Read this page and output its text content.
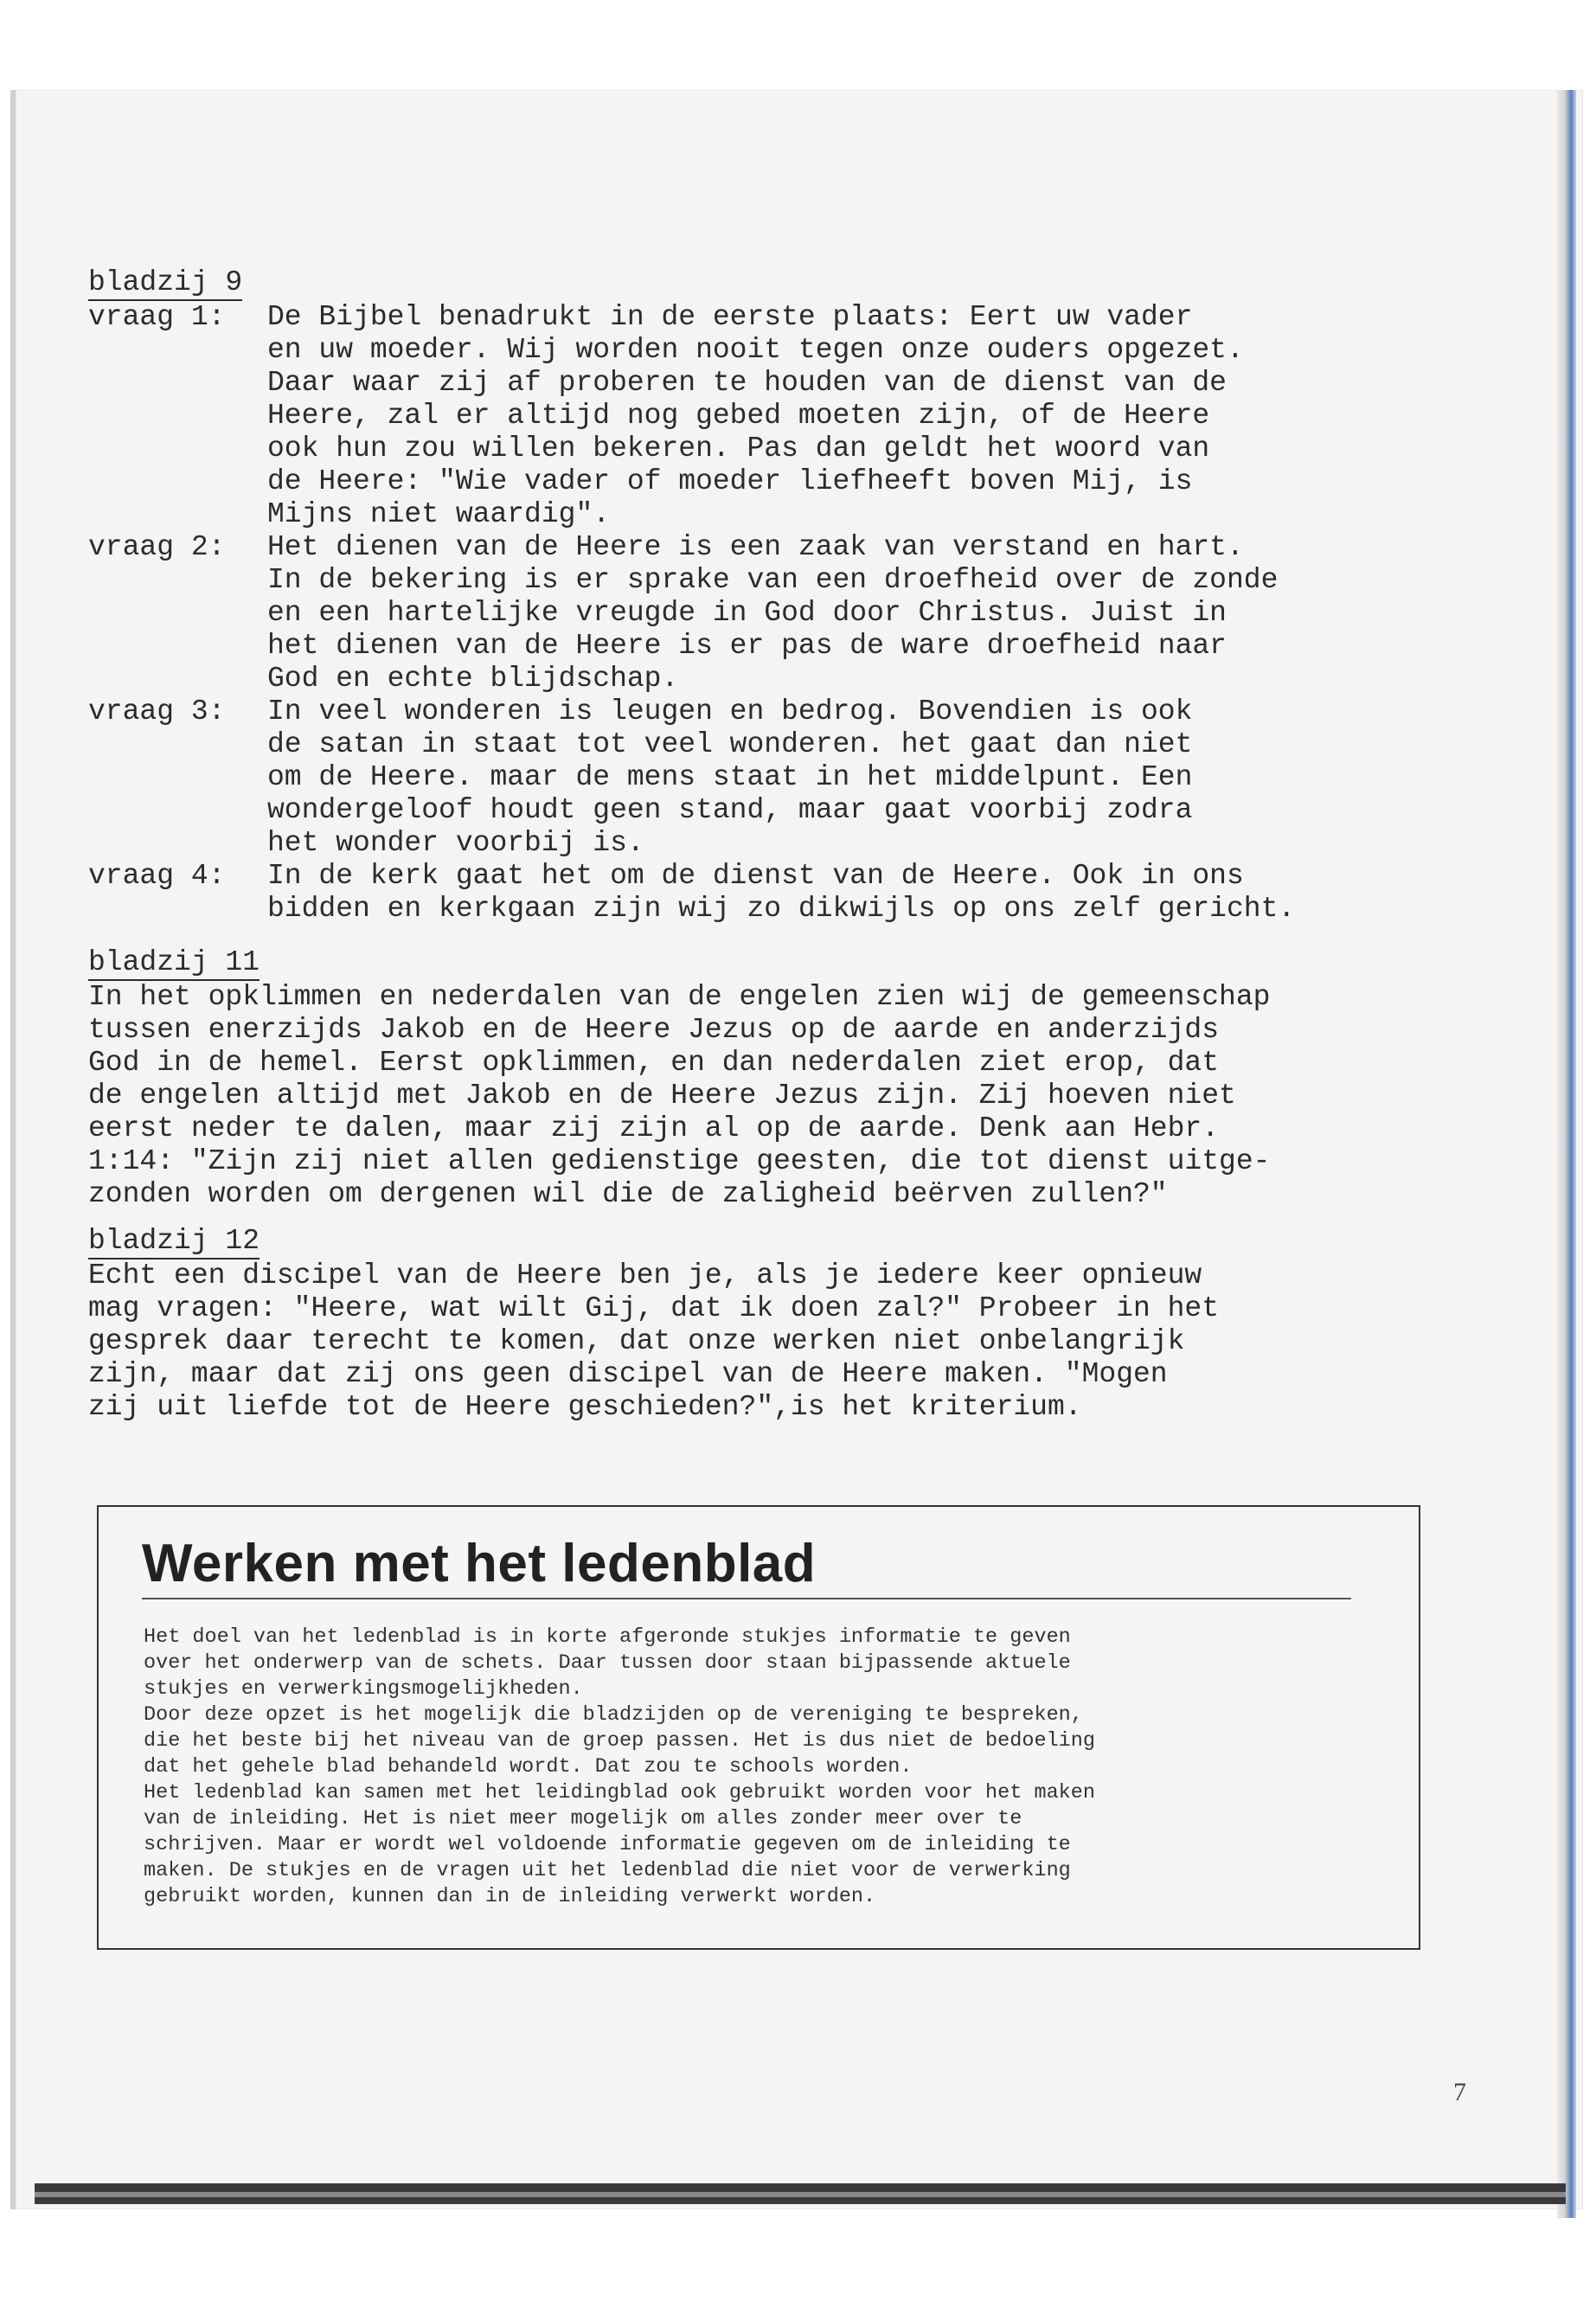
bladzij 9
vraag 1:	De Bijbel benadrukt in de eerste plaats: Eert uw vader
en uw moeder. Wij worden nooit tegen onze ouders opgezet.
Daar waar zij af proberen te houden van de dienst van de
Heere, zal er altijd nog gebed moeten zijn, of de Heere
ook hun zou willen bekeren. Pas dan geldt het woord van
de Heere: "Wie vader of moeder liefheeft boven Mij, is
Mijns niet waardig".
vraag 2:	Het dienen van de Heere is een zaak van verstand en hart.
In de bekering is er sprake van een droefheid over de zonde
en een hartelijke vreugde in God door Christus. Juist in
het dienen van de Heere is er pas de ware droefheid naar
God en echte blijdschap.
vraag 3:	In veel wonderen is leugen en bedrog. Bovendien is ook
de satan in staat tot veel wonderen. het gaat dan niet
om de Heere. maar de mens staat in het middelpunt. Een
wondergeloof houdt geen stand, maar gaat voorbij zodra
het wonder voorbij is.
vraag 4:	In de kerk gaat het om de dienst van de Heere. Ook in ons
bidden en kerkgaan zijn wij zo dikwijls op ons zelf gericht.
bladzij 11
In het opklimmen en nederdalen van de engelen zien wij de gemeenschap
tussen enerzijds Jakob en de Heere Jezus op de aarde en anderzijds
God in de hemel. Eerst opklimmen, en dan nederdalen ziet erop, dat
de engelen altijd met Jakob en de Heere Jezus zijn. Zij hoeven niet
eerst neder te dalen, maar zij zijn al op de aarde. Denk aan Hebr.
1:14: "Zijn zij niet allen gedienstige geesten, die tot dienst uitge-
zonden worden om dergenen wil die de zaligheid beërven zullen?"
bladzij 12
Echt een discipel van de Heere ben je, als je iedere keer opnieuw
mag vragen: "Heere, wat wilt Gij, dat ik doen zal?" Probeer in het
gesprek daar terecht te komen, dat onze werken niet onbelangrijk
zijn, maar dat zij ons geen discipel van de Heere maken. "Mogen
zij uit liefde tot de Heere geschieden?",is het kriterium.
Werken met het ledenblad
Het doel van het ledenblad is in korte afgeronde stukjes informatie te geven
over het onderwerp van de schets. Daar tussen door staan bijpassende aktuele
stukjes en verwerkingsmogelijkheden.
Door deze opzet is het mogelijk die bladzijden op de vereniging te bespreken,
die het beste bij het niveau van de groep passen. Het is dus niet de bedoeling
dat het gehele blad behandeld wordt. Dat zou te schools worden.
Het ledenblad kan samen met het leidingblad ook gebruikt worden voor het maken
van de inleiding. Het is niet meer mogelijk om alles zonder meer over te
schrijven. Maar er wordt wel voldoende informatie gegeven om de inleiding te
maken. De stukjes en de vragen uit het ledenblad die niet voor de verwerking
gebruikt worden, kunnen dan in de inleiding verwerkt worden.
7
